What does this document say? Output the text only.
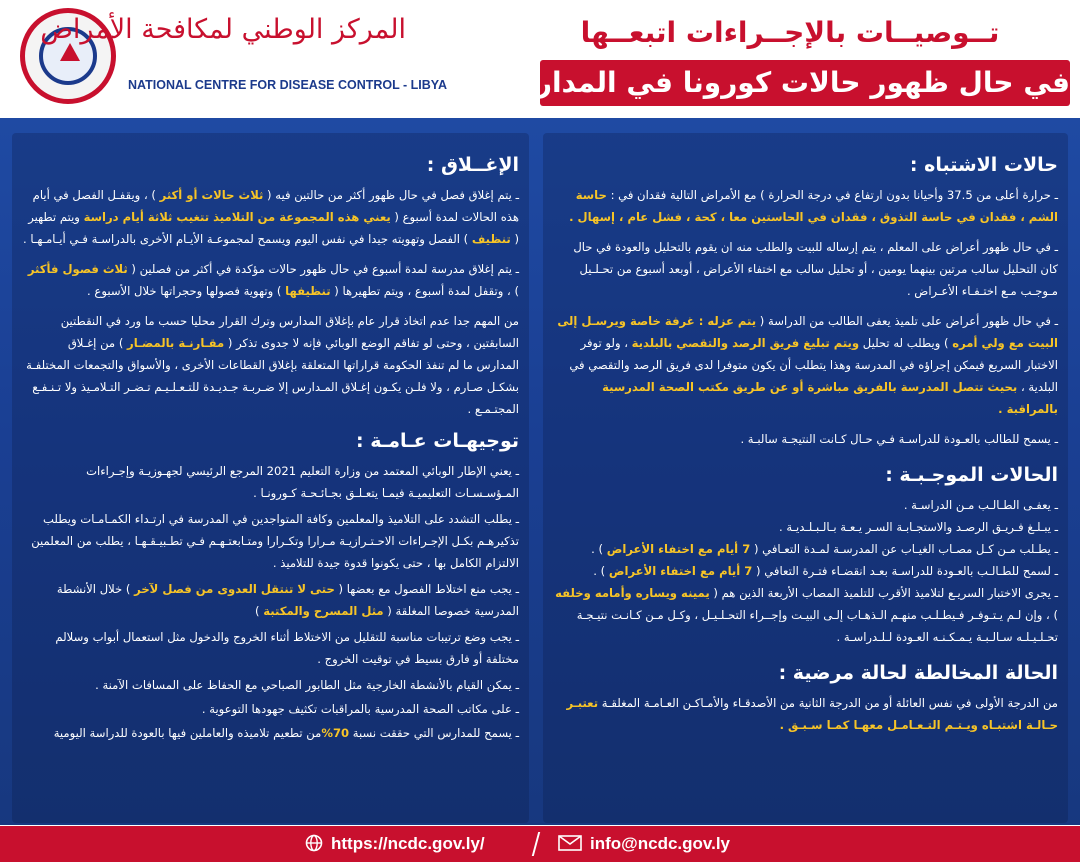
المركز الوطني لمكافحة الأمراض
NATIONAL CENTRE FOR DISEASE CONTROL - LIBYA
تــوصيــات بالإجــراءات اتبعــها
في حال ظهور حالات كورونا في المدارس
حالات الاشتباه :

ـ حرارة أعلى من 37.5 وأحيانا بدون ارتفاع في درجة الحرارة ) مع الأمراض التالية فقدان في : حاسة الشم ، فقدان في حاسة التذوق ، فقدان في الحاستين معا ، كحة ، فشل عام ، إسهال .

ـ في حال ظهور أعراض على المعلم ، يتم إرساله للبيت والطلب منه ان يقوم بالتحليل والعودة في حال كان التحليل سالب مرتين بينهما يومين ، أو تحليل سالب مع اختفاء الأعراض ، أوبعد أسبوع من تحـلـيل مـوجـب مـع اختـفـاء الأعـراض .

ـ في حال ظهور أعراض على تلميذ يعفى الطالب من الدراسة ( يتم عزله : غرفة خاصة ويرسـل إلى البيت مع ولي أمره ) ويطلب له تحليل ويتم تبليغ فريق الرصد والتقصي بالبلدية ، ولو توفر الاختبار السريع فيمكن إجراؤه في المدرسة وهذا يتطلب أن يكون متوفرا لدى فريق الرصد والتقصي في البلدية ، بحيث تتصل المدرسة بالفريق مباشرة أو عن طريق مكتب الصحة المدرسية بالمراقبة .

ـ يسمح للطالب بالعـودة للدراسـة فـي حـال كـانت النتيجـة سالبـة .

الحالات الموجـبـة :

ـ يعفـى الطـالـب مـن الدراسـة .

ـ يبـلـغ فـريـق الرصـد والاستجـابـة السـر يـعـة بـالـبـلـديـة .

ـ يطـلب مـن كـل مصـاب الغيـاب عن المدرسـة لمـدة التعـافي ( 7 أيام مع اختفاء الأعراض ) .

ـ لسمح للطـالـب بالعـودة للدراسـة بعـد انقضـاء فتـرة التعافي ( 7 أيام مع اختفاء الأعراض ) .

ـ يجرى الاختبار السريـع لتلاميذ الأقرب للتلميذ المصاب الأربعة الذين هم ( يمينه ويساره وأمامه وخلفه ) ، وإن لـم يـتـوفـر فـيطـلـب منهـم الـذهـاب إلـى البيـت وإجــراء التحـلـيـل ، وكـل مـن كـانـت نتيـجـة تحـلـيـلـه سـالـبـة يـمـكـنـه العـودة لـلـدراسـة .

الحالة المخالطة لحالة مرضية :

من الدرجة الأولى في نفس العائلة أو من الدرجة الثانية من الأصدقـاء والأمـاكـن العـامـة المغلقـة تعتبـر حـالـة اشتبـاه ويـتـم التـعـامـل معهـا كمـا سـبـق .

الإغــلاق :

ـ يتم إغلاق فصل في حال ظهور أكثر من حالتين فيه ( ثلاث حالات أو أكثر ) ، ويقفـل الفصل في أيام هذه الحالات لمدة أسبوع ( يعني هذه المجموعة من التلاميذ تتغيب ثلاثة أيام دراسة ويتم تطهير ( تنظيف ) الفصل وتهويته جيدا في نفس اليوم ويسمح لمجموعـة الأيـام الأخرى بالدراسـة فـي أيـامـهـا .

ـ يتم إغلاق مدرسة لمدة أسبوع في حال ظهور حالات مؤكدة في أكثر من فصلين ( ثلاث فصول فأكثر ) ، وتقفل لمدة أسبوع ، ويتم تطهيرها ( تنظيفها ) وتهوية فصولها وحجراتها خلال الأسبوع .

من المهم جدا عدم اتخاذ قرار عام بإغلاق المدارس وترك القرار محليا حسب ما ورد في النقطتين السابقتين ، وحتى لو تفاقم الوضع الوبائي فإنه لا جدوى تذكر ( مقـارنـة بالمضـار ) من إغـلاق المدارس ما لم تنفذ الحكومة قراراتها المتعلقة بإغلاق القطاعات الأخرى ، والأسواق والتجمعات المختلفـة بشكـل صـارم ، ولا فلـن يكـون إغـلاق المـدارس إلا ضـربـة جـديـدة للتـعـلـيـم تـضـر التـلامـيذ ولا تـنـفـع المجتـمـع .

توجيهـات عـامـة :

ـ يعني الإطار الوبائي المعتمد من وزارة التعليم 2021 المرجع الرئيسي لجهـوزيـة وإجـراءات المـؤسـسـات التعليميـة فيمـا يتعـلـق بجـائـحـة كـورونـا .

ـ يطلب التشدد على التلاميذ والمعلمين وكافة المتواجدين في المدرسة في ارتـداء الكمـامـات ويطلب تذكيرهـم بكـل الإجـراءات الاحـتـرازيـة مـرارا وتكـرارا ومتـابعتـهـم فـي تطـبيـقـهـا ، يطلب من المعلمين الالتزام الكامل بها ، حتى يكونوا قدوة جيدة للتلاميذ .

ـ يجب منع اختلاط الفصول مع بعضها ( حتى لا تنتقل العدوى من فصل لآخر ) خلال الأنشطة المدرسية خصوصا المغلقة ( مثل المسرح والمكتبة )

ـ يجب وضع ترتيبات مناسبة للتقليل من الاختلاط أثناء الخروج والدخول مثل استعمال أبواب وسلالم مختلفة أو فارق بسيط في توقيت الخروج .

ـ يمكن القيام بالأنشطة الخارجية مثل الطابور الصباحي مع الحفاظ على المسافات الآمنة .

ـ على مكاتب الصحة المدرسية بالمراقبات تكثيف جهودها التوعوية .

ـ يسمح للمدارس التي حققت نسبة 70%من تطعيم تلاميذه والعاملين فيها بالعودة للدراسة اليومية

https://ncdc.gov.ly/	info@ncdc.gov.ly
